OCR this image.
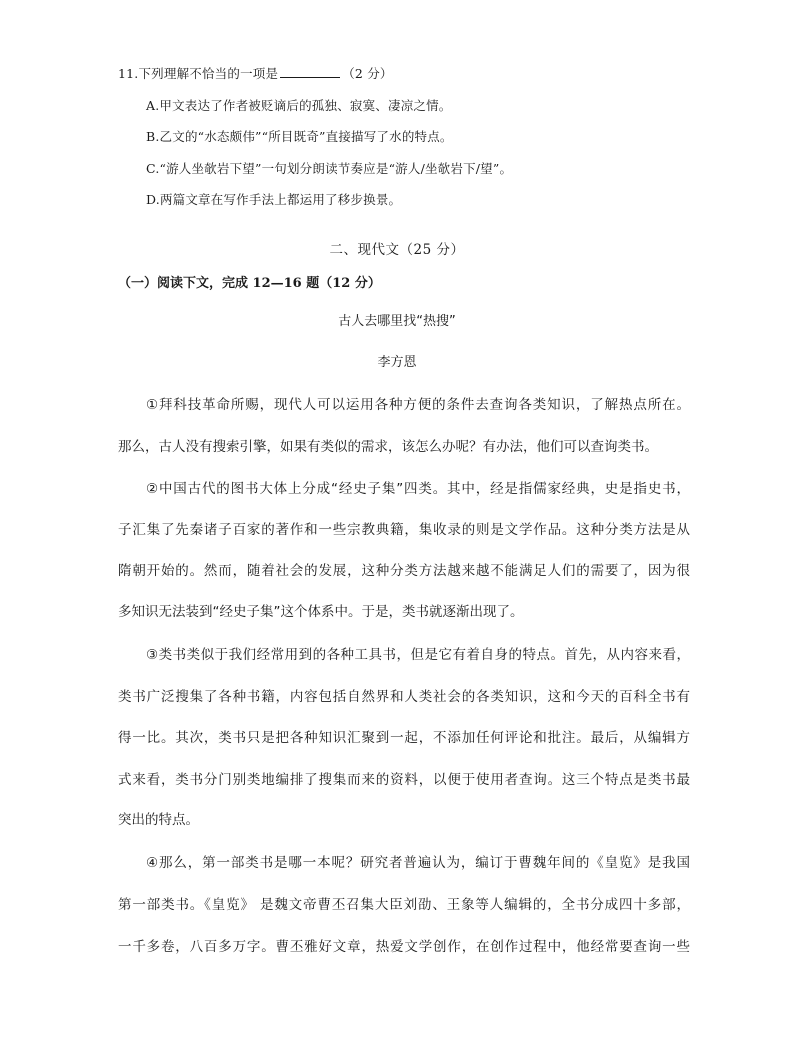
11.下列理解不恰当的一项是	（2 分）
A.甲文表达了作者被贬谪后的孤独、寂寞、凄凉之情。
B.乙文的“水态颇伟”“所目既奇”直接描写了水的特点。
C.“游人坐欹岩下望”一句划分朗读节奏应是“游人/坐欹岩下/望”。
D.两篇文章在写作手法上都运用了移步换景。
二、现代文（25 分）
（一）阅读下文，完成 12—16 题（12 分）
古人去哪里找“热搜”
李方恩
①拜科技革命所赐，现代人可以运用各种方便的条件去查询各类知识，了解热点所在。
那么，古人没有搜索引擎，如果有类似的需求，该怎么办呢？有办法，他们可以查询类书。
②中国古代的图书大体上分成“经史子集”四类。其中，经是指儒家经典，史是指史书，
子汇集了先秦诸子百家的著作和一些宗教典籍，集收录的则是文学作品。这种分类方法是从
隋朝开始的。然而，随着社会的发展，这种分类方法越来越不能满足人们的需要了，因为很
多知识无法装到“经史子集”这个体系中。于是，类书就逐渐出现了。
③类书类似于我们经常用到的各种工具书，但是它有着自身的特点。首先，从内容来看，
类书广泛搜集了各种书籍，内容包括自然界和人类社会的各类知识，这和今天的百科全书有
得一比。其次，类书只是把各种知识汇聚到一起，不添加任何评论和批注。最后，从编辑方
式来看，类书分门别类地编排了搜集而来的资料，以便于使用者查询。这三个特点是类书最
突出的特点。
④那么，第一部类书是哪一本呢？研究者普遍认为，编订于曹魏年间的《皇览》是我国
第一部类书。《皇览》 是魏文帝曹丕召集大臣刘劭、王象等人编辑的，全书分成四十多部，
一千多卷，八百多万字。曹丕雅好文章，热爱文学创作，在创作过程中，他经常要查询一些
